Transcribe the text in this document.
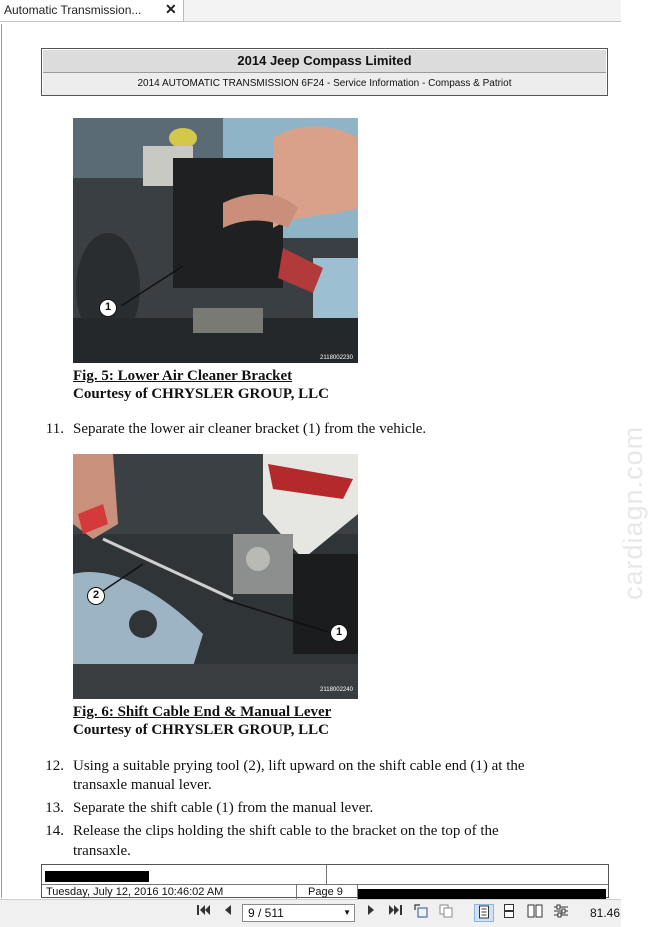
Automatic Transmission... ✕
2014 Jeep Compass Limited
2014 AUTOMATIC TRANSMISSION 6F24 - Service Information - Compass & Patriot
1
2118002230
Fig. 5: Lower Air Cleaner Bracket
Courtesy of CHRYSLER GROUP, LLC
11. Separate the lower air cleaner bracket (1) from the vehicle.
2
1
2118002240
Fig. 6: Shift Cable End & Manual Lever
Courtesy of CHRYSLER GROUP, LLC
12. Using a suitable prying tool (2), lift upward on the shift cable end (1) at the
transaxle manual lever.
13. Separate the shift cable (1) from the manual lever.
14. Release the clips holding the shift cable to the bracket on the top of the
transaxle.
cardiagn.com
Tuesday, July 12, 2016 10:46:02 AM	Page 9
9 / 511	▼	81.46
